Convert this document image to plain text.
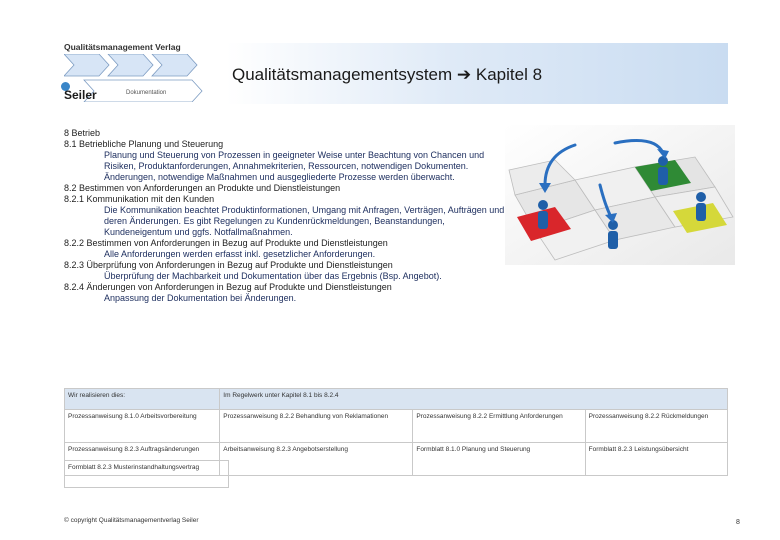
Qualitätsmanagement Verlag
Seiler	Dokumentation
Qualitätsmanagementsystem ➔ Kapitel 8
8 Betrieb
8.1 Betriebliche Planung und Steuerung
Planung und Steuerung von Prozessen in geeigneter Weise unter Beachtung von Chancen und Risiken, Produktanforderungen, Annahmekriterien, Ressourcen, notwendigen Dokumenten. Änderungen, notwendige Maßnahmen und ausgegliederte Prozesse werden überwacht.
8.2 Bestimmen von Anforderungen an Produkte und Dienstleistungen
8.2.1 Kommunikation mit den Kunden
Die Kommunikation beachtet Produktinformationen, Umgang mit Anfragen, Verträgen, Aufträgen und deren Änderungen. Es gibt Regelungen zu Kundenrückmeldungen, Beanstandungen, Kundeneigentum und ggfs. Notfallmaßnahmen.
8.2.2 Bestimmen von Anforderungen in Bezug auf Produkte und Dienstleistungen
Alle Anforderungen werden erfasst inkl. gesetzlicher Anforderungen.
8.2.3 Überprüfung von Anforderungen in Bezug auf Produkte und Dienstleistungen
Überprüfung der Machbarkeit und Dokumentation über das Ergebnis (Bsp. Angebot).
8.2.4 Änderungen von Anforderungen in Bezug auf Produkte und Dienstleistungen
Anpassung der Dokumentation bei Änderungen.
Wir realisieren dies:	Im Regelwerk unter Kapitel 8.1 bis 8.2.4		
Prozessanweisung 8.1.0 Arbeitsvorbereitung	Prozessanweisung 8.2.2 Behandlung von Reklamationen	Prozessanweisung 8.2.2 Ermittlung Anforderungen	Prozessanweisung 8.2.2 Rückmeldungen
Prozessanweisung 8.2.3 Auftragsänderungen	Arbeitsanweisung 8.2.3 Angebotserstellung	Formblatt 8.1.0 Planung und Steuerung	Formblatt 8.2.3 Leistungsübersicht
Formblatt 8.2.3 Musterinstandhaltungsvertrag
© copyright Qualitätsmanagementverlag Seiler	8
